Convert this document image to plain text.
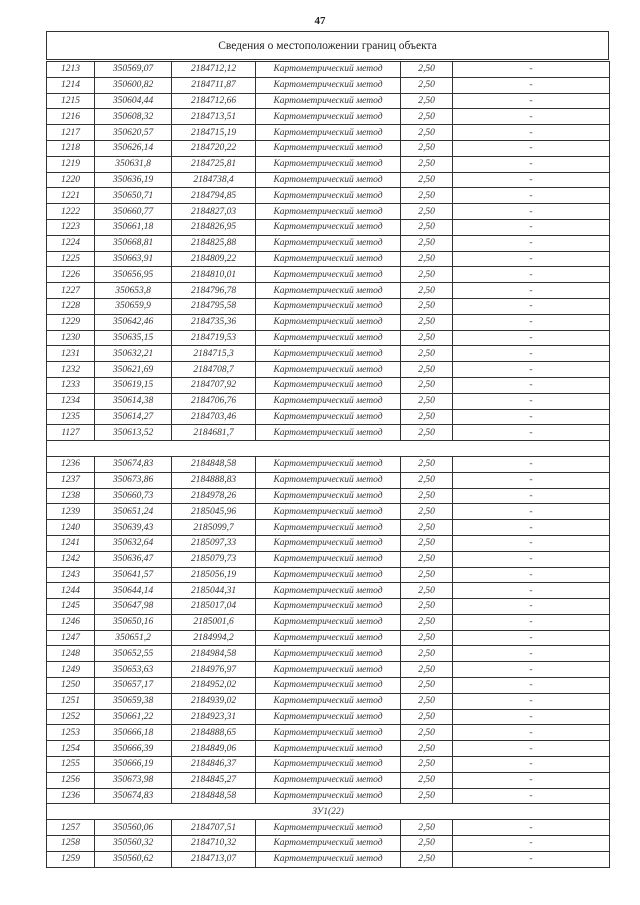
47
Сведения о местоположении границ объекта
1213	350569,07	2184712,12	Картометрический метод	2,50	-
1214	350600,82	2184711,87	Картометрический метод	2,50	-
1215	350604,44	2184712,66	Картометрический метод	2,50	-
1216	350608,32	2184713,51	Картометрический метод	2,50	-
1217	350620,57	2184715,19	Картометрический метод	2,50	-
1218	350626,14	2184720,22	Картометрический метод	2,50	-
1219	350631,8	2184725,81	Картометрический метод	2,50	-
1220	350636,19	2184738,4	Картометрический метод	2,50	-
1221	350650,71	2184794,85	Картометрический метод	2,50	-
1222	350660,77	2184827,03	Картометрический метод	2,50	-
1223	350661,18	2184826,95	Картометрический метод	2,50	-
1224	350668,81	2184825,88	Картометрический метод	2,50	-
1225	350663,91	2184809,22	Картометрический метод	2,50	-
1226	350656,95	2184810,01	Картометрический метод	2,50	-
1227	350653,8	2184796,78	Картометрический метод	2,50	-
1228	350659,9	2184795,58	Картометрический метод	2,50	-
1229	350642,46	2184735,36	Картометрический метод	2,50	-
1230	350635,15	2184719,53	Картометрический метод	2,50	-
1231	350632,21	2184715,3	Картометрический метод	2,50	-
1232	350621,69	2184708,7	Картометрический метод	2,50	-
1233	350619,15	2184707,92	Картометрический метод	2,50	-
1234	350614,38	2184706,76	Картометрический метод	2,50	-
1235	350614,27	2184703,46	Картометрический метод	2,50	-
1127	350613,52	2184681,7	Картометрический метод	2,50	-

1236	350674,83	2184848,58	Картометрический метод	2,50	-
1237	350673,86	2184888,83	Картометрический метод	2,50	-
1238	350660,73	2184978,26	Картометрический метод	2,50	-
1239	350651,24	2185045,96	Картометрический метод	2,50	-
1240	350639,43	2185099,7	Картометрический метод	2,50	-
1241	350632,64	2185097,33	Картометрический метод	2,50	-
1242	350636,47	2185079,73	Картометрический метод	2,50	-
1243	350641,57	2185056,19	Картометрический метод	2,50	-
1244	350644,14	2185044,31	Картометрический метод	2,50	-
1245	350647,98	2185017,04	Картометрический метод	2,50	-
1246	350650,16	2185001,6	Картометрический метод	2,50	-
1247	350651,2	2184994,2	Картометрический метод	2,50	-
1248	350652,55	2184984,58	Картометрический метод	2,50	-
1249	350653,63	2184976,97	Картометрический метод	2,50	-
1250	350657,17	2184952,02	Картометрический метод	2,50	-
1251	350659,38	2184939,02	Картометрический метод	2,50	-
1252	350661,22	2184923,31	Картометрический метод	2,50	-
1253	350666,18	2184888,65	Картометрический метод	2,50	-
1254	350666,39	2184849,06	Картометрический метод	2,50	-
1255	350666,19	2184846,37	Картометрический метод	2,50	-
1256	350673,98	2184845,27	Картометрический метод	2,50	-
1236	350674,83	2184848,58	Картометрический метод	2,50	-
ЗУ1(22)					
1257	350560,06	2184707,51	Картометрический метод	2,50	-
1258	350560,32	2184710,32	Картометрический метод	2,50	-
1259	350560,62	2184713,07	Картометрический метод	2,50	-
